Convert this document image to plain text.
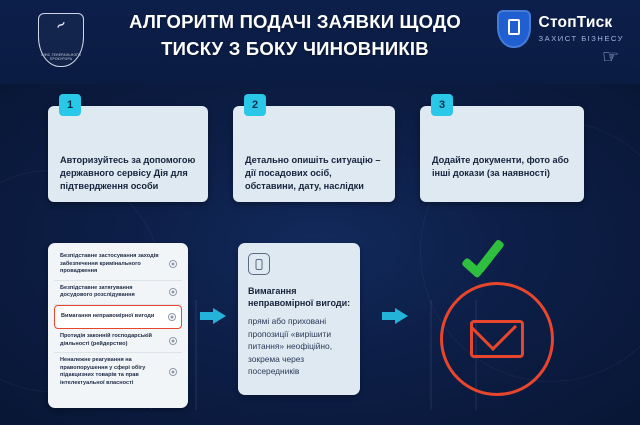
՜
ОФІС ГЕНЕРАЛЬНОГО ПРОКУРОРА
АЛГОРИТМ ПОДАЧІ ЗАЯВКИ ЩОДО
ТИСКУ З БОКУ ЧИНОВНИКІВ
СтопТиск
ЗАХИСТ БІЗНЕСУ
☞
1
Авторизуйтесь за допомогою державного сервісу Дія для підтвердження особи
2
Детально опишіть ситуацію – дії посадових осіб, обставини, дату, наслідки
3
Додайте документи, фото або інші докази (за наявності)
Безпідставне застосування заходів забезпечення кримінального провадження
Безпідставне затягування досудового розслідування
Вимагання неправомірної вигоди
Протидія законній господарській діяльності (рейдерство)
Неналежне реагування на правопорушення у сфері обігу підакцизних товарів та прав інтелектуальної власності
Вимагання неправомірної вигоди:
прямі або приховані пропозиції «вирішити питання» неофіційно, зокрема через посередників
